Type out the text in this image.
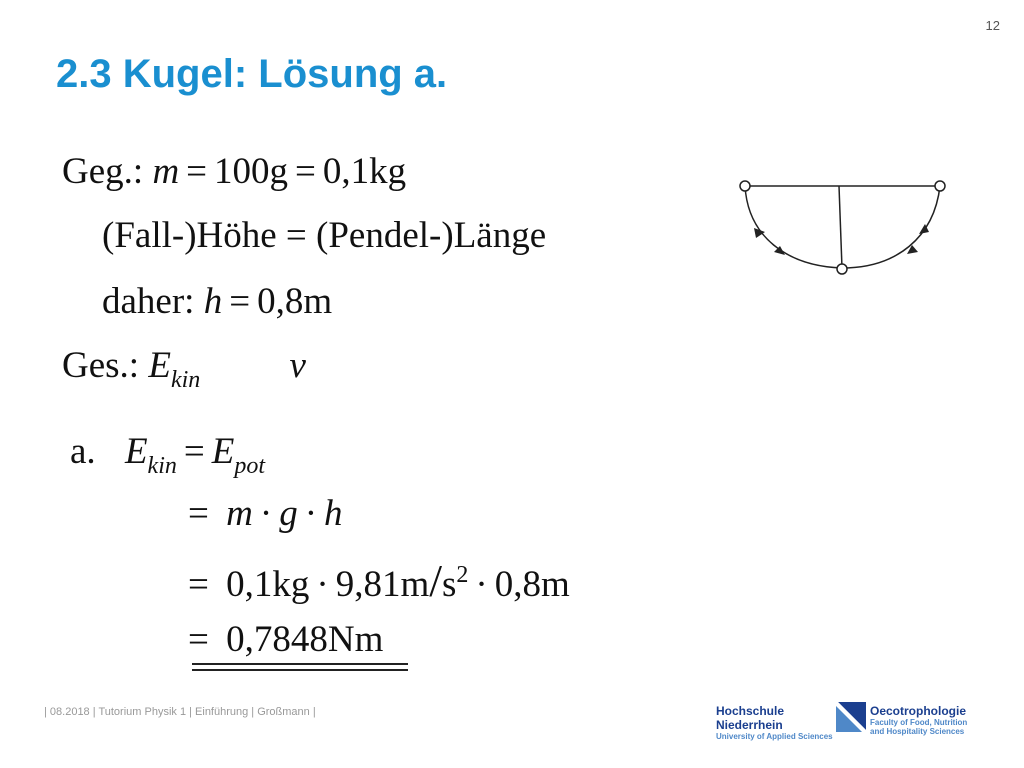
12
2.3 Kugel: Lösung a.
Geg.: m = 100g = 0,1kg
(Fall-)Höhe = (Pendel-)Länge
daher: h = 0,8m
Ges.: $E_{kin}$ v
a. $E_{kin} = E_{pot}$
= m · g · h
= $0,1kg \cdot 9,81m/s^2 \cdot 0,8m$
= 0,7848Nm
| 08.2018 | Tutorium Physik 1 | Einführung | Großmann |	Hochschule Niederrhein
University of Applied Sciences
Oecotrophologie
Faculty of Food, Nutrition
and Hospitality Sciences
